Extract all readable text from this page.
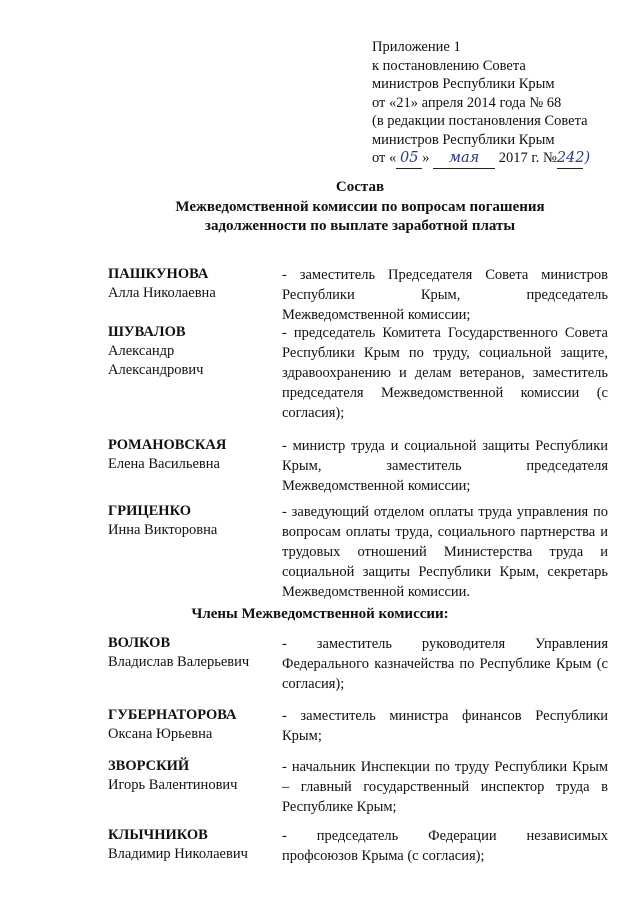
Приложение 1
к постановлению Совета
министров Республики Крым
от «21» апреля 2014 года № 68
(в редакции постановления Совета
министров Республики Крым
от « 05 » мая 2017 г. №242)
Состав
Межведомственной комиссии по вопросам погашения
задолженности по выплате заработной платы
ПАШКУНОВА
Алла Николаевна
- заместитель Председателя Совета министров Республики Крым, председатель Межведомственной комиссии;
ШУВАЛОВ
Александр Александрович
- председатель Комитета Государственного Совета Республики Крым по труду, социальной защите, здравоохранению и делам ветеранов, заместитель председателя Межведомственной комиссии (с согласия);
РОМАНОВСКАЯ
Елена Васильевна
- министр труда и социальной защиты Республики Крым, заместитель председателя Межведомственной комиссии;
ГРИЦЕНКО
Инна Викторовна
- заведующий отделом оплаты труда управления по вопросам оплаты труда, социального партнерства и трудовых отношений Министерства труда и социальной защиты Республики Крым, секретарь Межведомственной комиссии.
Члены Межведомственной комиссии:
ВОЛКОВ
Владислав Валерьевич
- заместитель руководителя Управления Федерального казначейства по Республике Крым (с согласия);
ГУБЕРНАТОРОВА
Оксана Юрьевна
- заместитель министра финансов Республики Крым;
ЗВОРСКИЙ
Игорь Валентинович
- начальник Инспекции по труду Республики Крым – главный государственный инспектор труда в Республике Крым;
КЛЫЧНИКОВ
Владимир Николаевич
- председатель Федерации независимых профсоюзов Крыма (с согласия);
